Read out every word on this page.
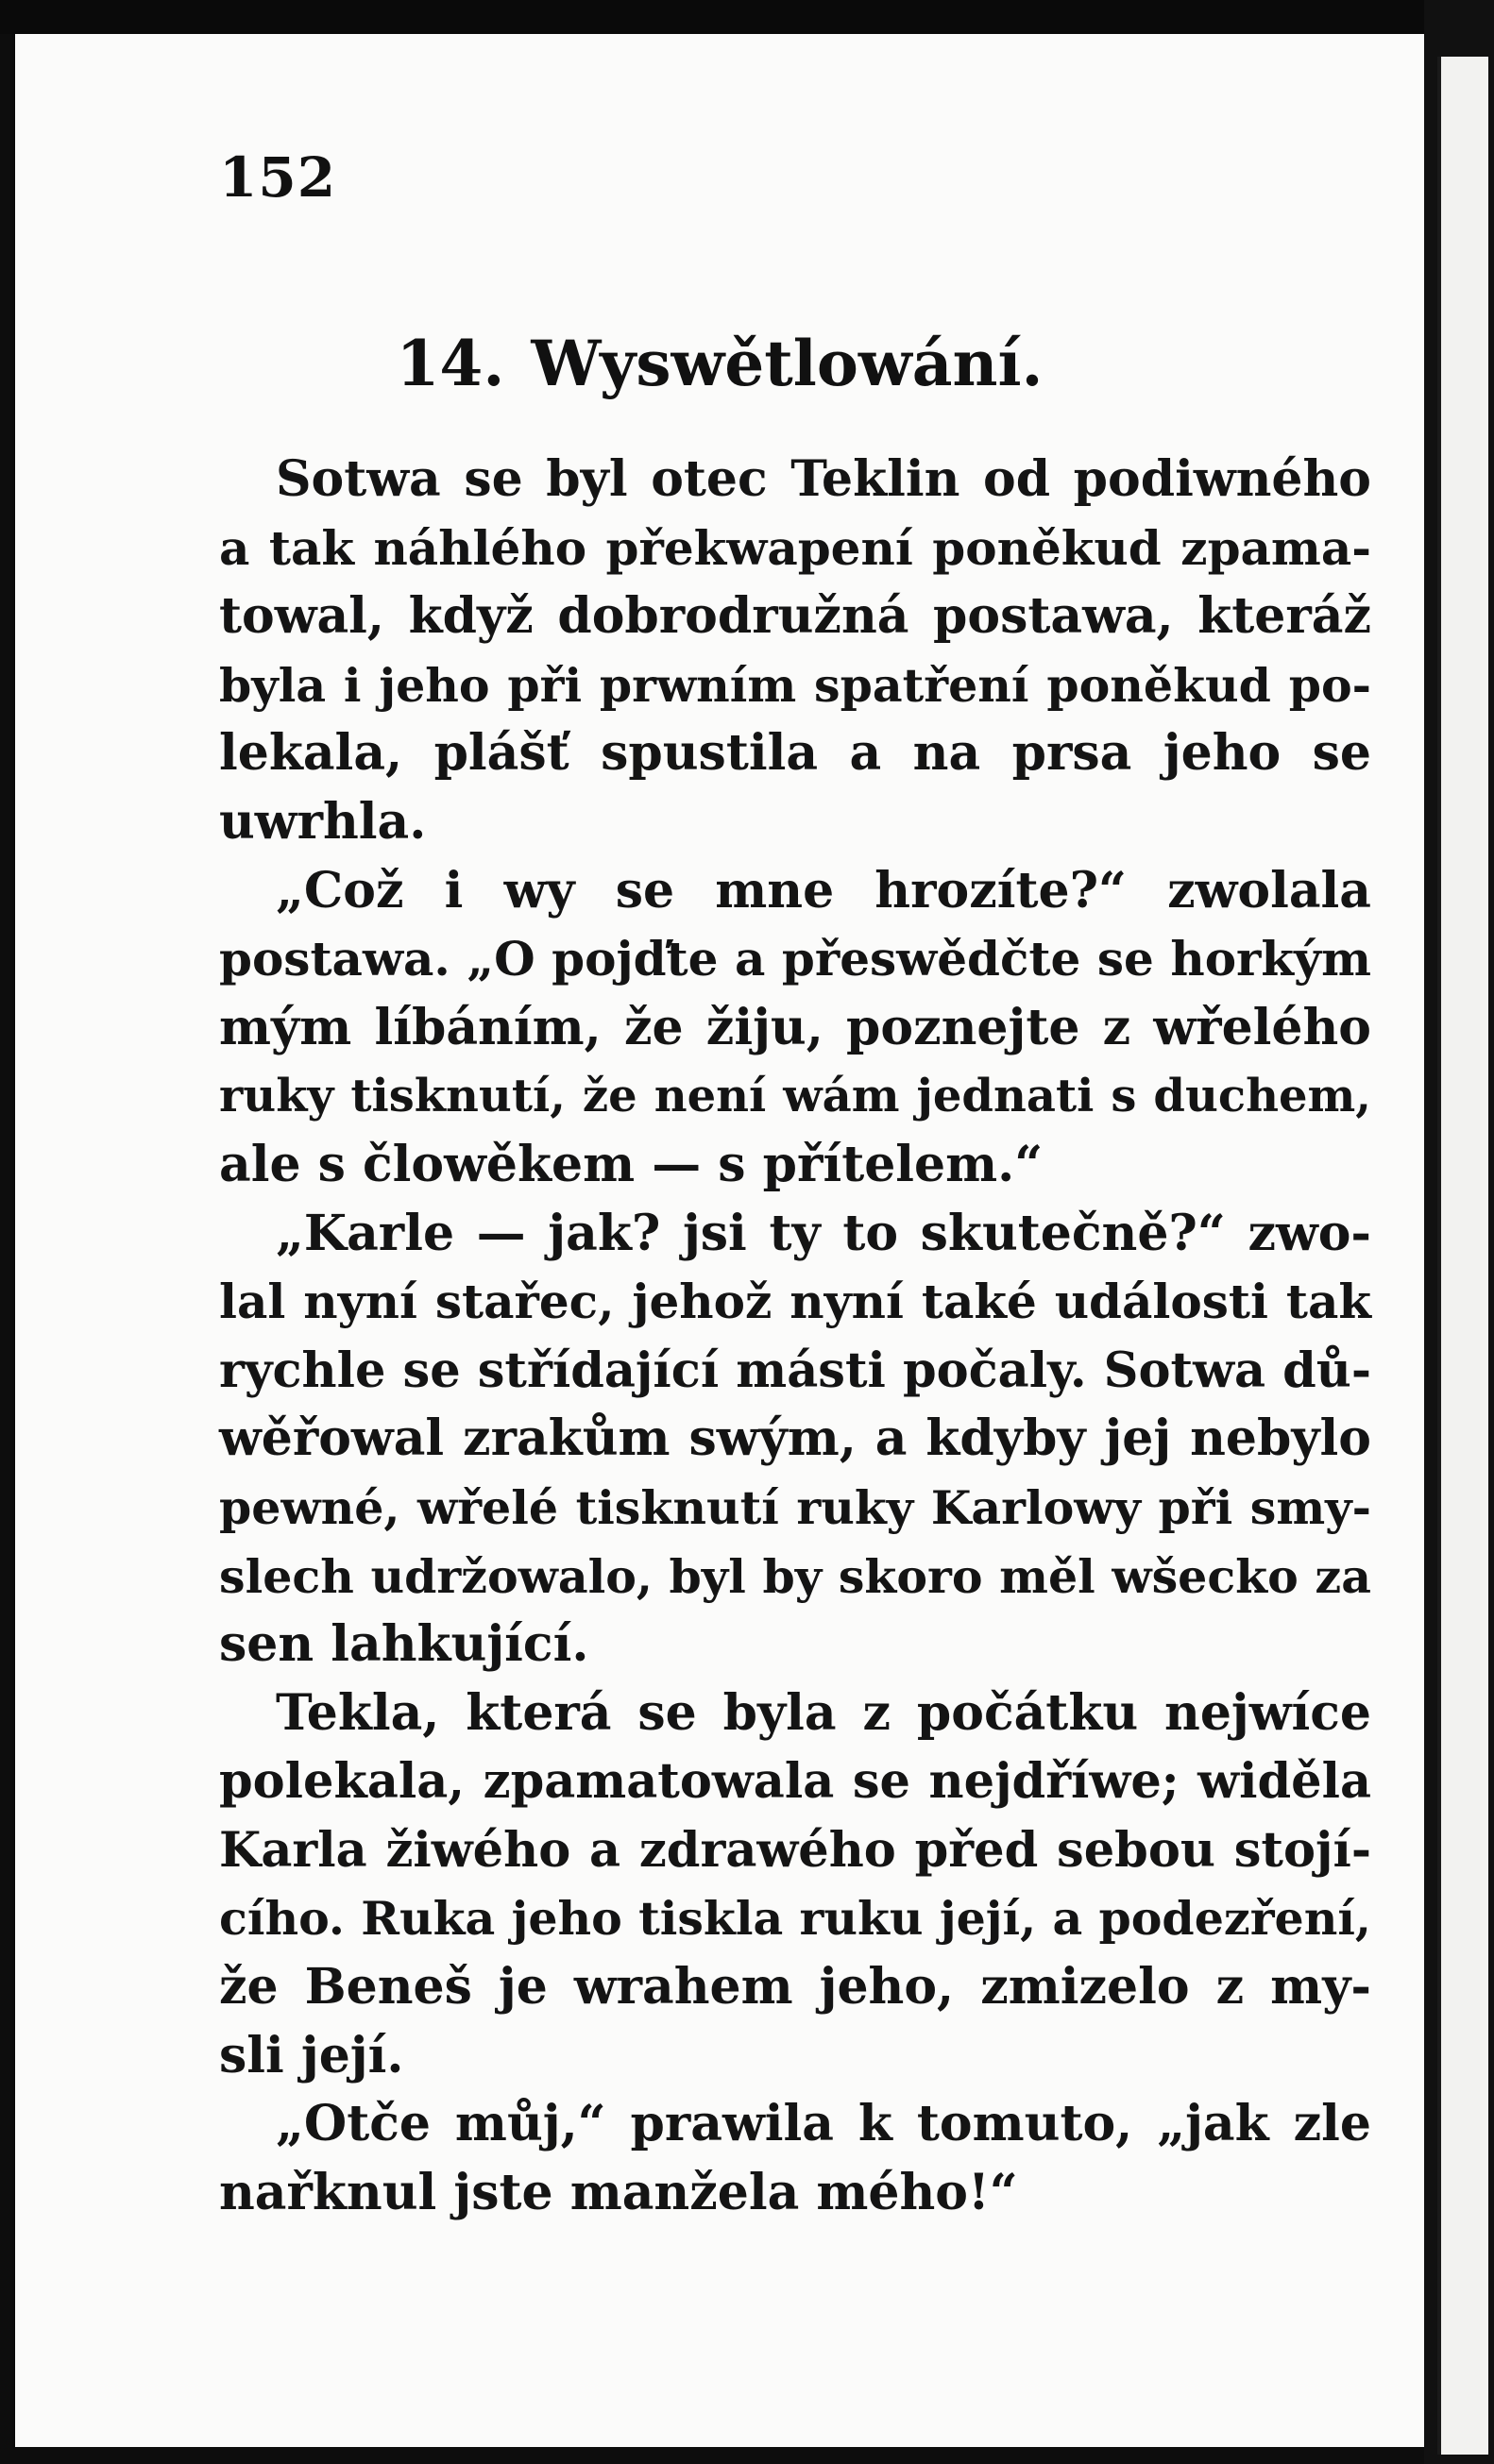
152
14. Wyswětlowání.
Sotwa se byl otec Teklin od podiwného
a tak náhlého překwapení poněkud zpama-
towal, když dobrodružná postawa, kteráž
byla i jeho při prwním spatření poněkud po-
lekala, plášť spustila a na prsa jeho se
uwrhla.
„Což i wy se mne hrozíte?“ zwolala
postawa. „O pojďte a přeswědčte se horkým
mým líbáním, že žiju, poznejte z wřelého
ruky tisknutí, že není wám jednati s duchem,
ale s člowěkem — s přítelem.“
„Karle — jak? jsi ty to skutečně?“ zwo-
lal nyní stařec, jehož nyní také události tak
rychle se střídající másti počaly. Sotwa dů-
wěřowal zrakům swým, a kdyby jej nebylo
pewné, wřelé tisknutí ruky Karlowy při smy-
slech udržowalo, byl by skoro měl wšecko za
sen lahkující.
Tekla, která se byla z počátku nejwíce
polekala, zpamatowala se nejdříwe; widěla
Karla žiwého a zdrawého před sebou stojí-
cího. Ruka jeho tiskla ruku její, a podezření,
že Beneš je wrahem jeho, zmizelo z my-
sli její.
„Otče můj,“ prawila k tomuto, „jak zle
nařknul jste manžela mého!“
